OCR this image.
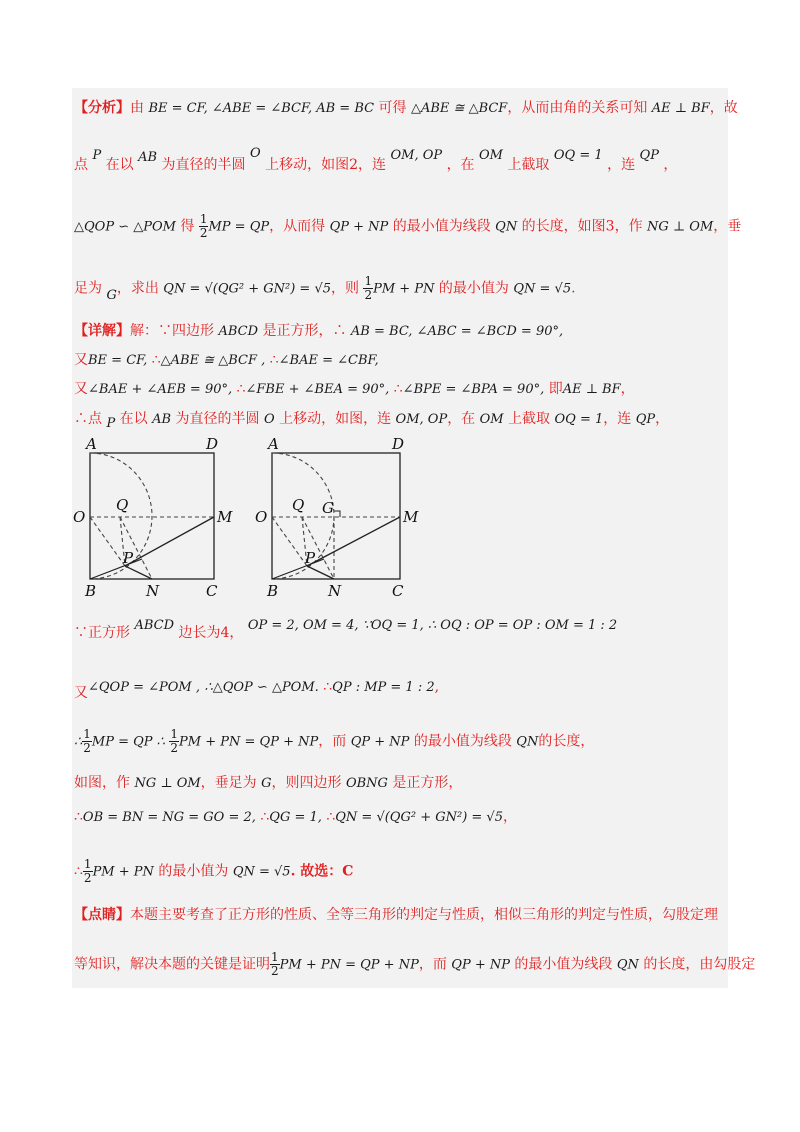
【分析】由 BE = CF, ∠ABE = ∠BCF, AB = BC 可得 △ABE ≅ △BCF，从而由角的关系可知 AE ⊥ BF，故
点 P 在以 AB 为直径的半圆 O 上移动，如图2，连 OM, OP ，在 OM 上截取 OQ = 1 ，连 QP ，
△QOP ∽ △POM 得 $\frac{1}{2}$ MP = QP，从而得 QP + NP 的最小值为线段 QN 的长度，如图3，作 NG ⊥ OM，垂
足为 G，求出 QN = √(QG² + GN²) = √5，则 $\frac{1}{2}$ PM + PN 的最小值为 QN = √5.
【详解】解：∵四边形 ABCD 是正方形，∴ AB = BC, ∠ABC = ∠BCD = 90°,
又BE = CF, ∴△ABE ≅ △BCF , ∴∠BAE = ∠CBF,
又∠BAE + ∠AEB = 90°, ∴∠FBE + ∠BEA = 90°, ∴∠BPE = ∠BPA = 90°, 即AE ⊥ BF，
∴点 P 在以 AB 为直径的半圆 O 上移动，如图，连 OM, OP，在 OM 上截取 OQ = 1，连 QP，
A	D
O
Q
M
P
B	N	C
A	D
O
Q G	M
P
B	N	C
∵正方形 ABCD 边长为4， OP = 2, OM = 4, ∵OQ = 1, ∴ OQ : OP = OP : OM = 1 : 2
又∠QOP = ∠POM , ∴△QOP ∽ △POM. ∴QP : MP = 1 : 2,
∴ $\frac{1}{2}$ MP = QP ∴ $\frac{1}{2}$ PM + PN = QP + NP，而 QP + NP 的最小值为线段 QN的长度，
如图，作 NG ⊥ OM，垂足为 G，则四边形 OBNG 是正方形，
∴OB = BN = NG = GO = 2, ∴QG = 1, ∴QN = √(QG² + GN²) = √5，
∴ $\frac{1}{2}$ PM + PN 的最小值为 QN = √5. 故选：C
【点睛】本题主要考查了正方形的性质、全等三角形的判定与性质，相似三角形的判定与性质，勾股定理
等知识，解决本题的关键是证明 $\frac{1}{2}$ PM + PN = QP + NP，而 QP + NP 的最小值为线段 QN 的长度，由勾股定
